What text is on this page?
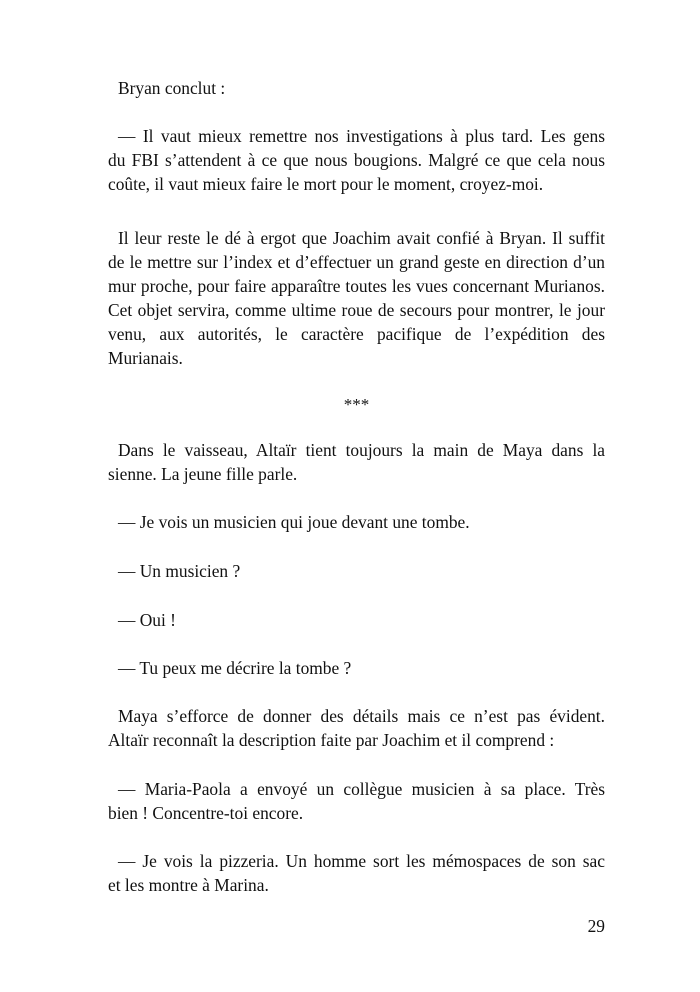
Bryan conclut :
— Il vaut mieux remettre nos investigations à plus tard. Les gens
du FBI s’attendent à ce que nous bougions. Malgré ce que cela nous
coûte, il vaut mieux faire le mort pour le moment, croyez-moi.
Il leur reste le dé à ergot que Joachim avait confié à Bryan. Il suffit
de le mettre sur l’index et d’effectuer un grand geste en direction d’un
mur proche, pour faire apparaître toutes les vues concernant Murianos.
Cet objet servira, comme ultime roue de secours pour montrer, le jour
venu, aux autorités, le caractère pacifique de l’expédition des
Murianais.
***
Dans le vaisseau, Altaïr tient toujours la main de Maya dans la
sienne. La jeune fille parle.
— Je vois un musicien qui joue devant une tombe.
— Un musicien ?
— Oui !
— Tu peux me décrire la tombe ?
Maya s’efforce de donner des détails mais ce n’est pas évident.
Altaïr reconnaît la description faite par Joachim et il comprend :
— Maria-Paola a envoyé un collègue musicien à sa place. Très
bien ! Concentre-toi encore.
— Je vois la pizzeria. Un homme sort les mémospaces de son sac
et les montre à Marina.
29
